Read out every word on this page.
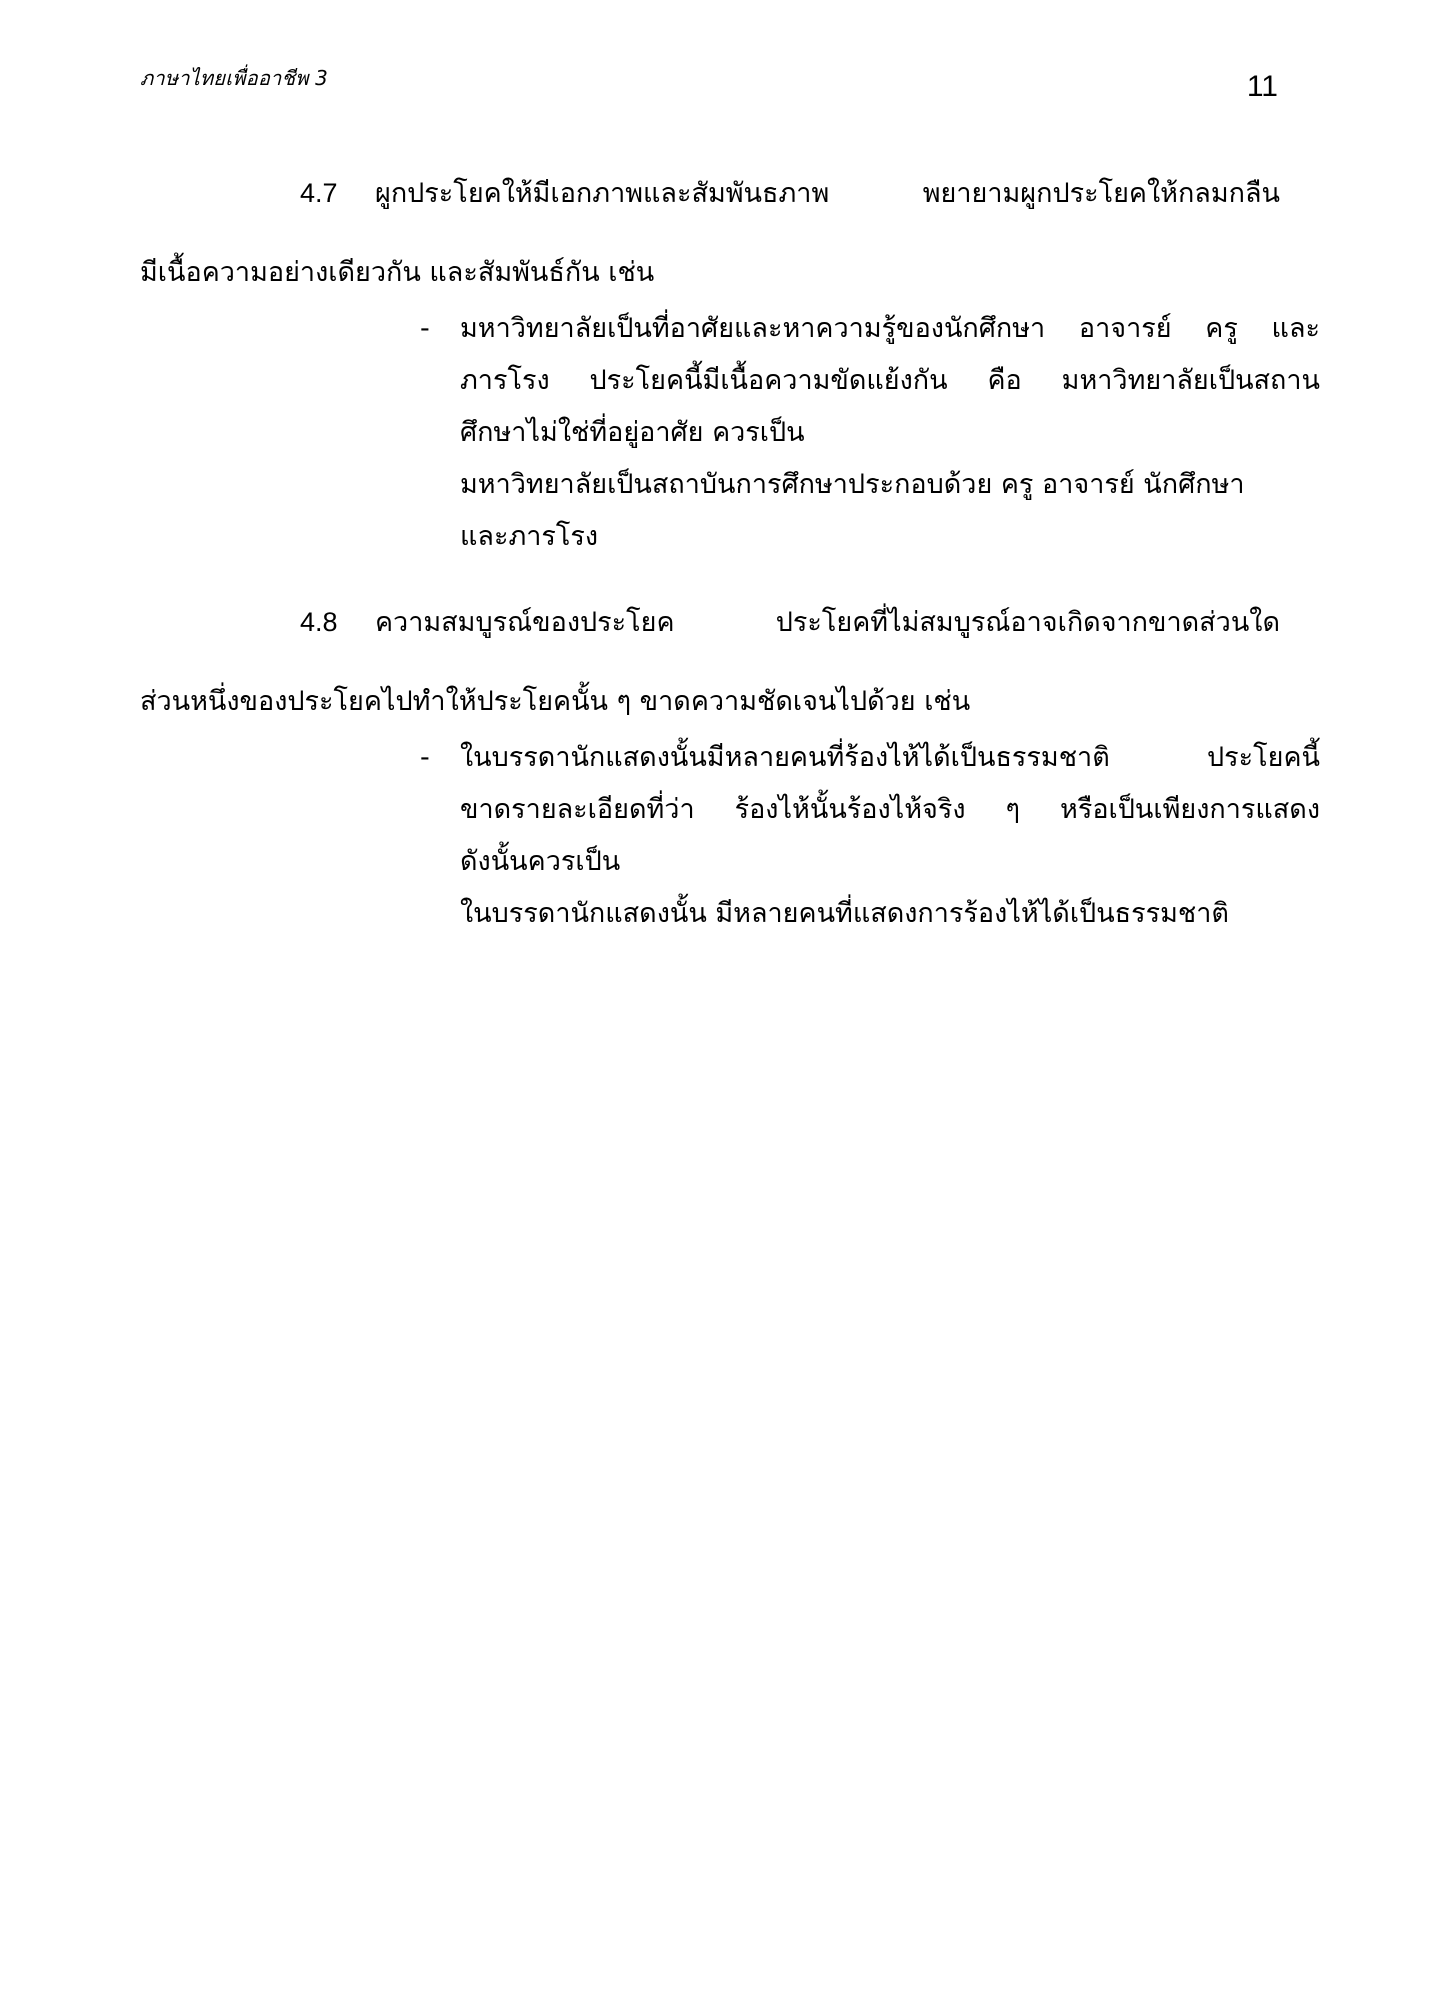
ภาษาไทยเพื่ออาชีพ 3	11

4.7 ผูกประโยคให้มีเอกภาพและสัมพันธภาพ พยายามผูกประโยคให้กลมกลืน

มีเนื้อความอย่างเดียวกัน และสัมพันธ์กัน เช่น

- มหาวิทยาลัยเป็นที่อาศัยและหาความรู้ของนักศึกษา อาจารย์ ครู และ
ภารโรง ประโยคนี้มีเนื้อความขัดแย้งกัน คือ มหาวิทยาลัยเป็นสถาน
ศึกษาไม่ใช่ที่อยู่อาศัย ควรเป็น
มหาวิทยาลัยเป็นสถาบันการศึกษาประกอบด้วย ครู อาจารย์ นักศึกษา
และภารโรง

4.8 ความสมบูรณ์ของประโยค ประโยคที่ไม่สมบูรณ์อาจเกิดจากขาดส่วนใด

ส่วนหนึ่งของประโยคไปทำให้ประโยคนั้น ๆ ขาดความชัดเจนไปด้วย เช่น

- ในบรรดานักแสดงนั้นมีหลายคนที่ร้องไห้ได้เป็นธรรมชาติ ประโยคนี้
ขาดรายละเอียดที่ว่า ร้องไห้นั้นร้องไห้จริง ๆ หรือเป็นเพียงการแสดง
ดังนั้นควรเป็น
ในบรรดานักแสดงนั้น มีหลายคนที่แสดงการร้องไห้ได้เป็นธรรมชาติ
